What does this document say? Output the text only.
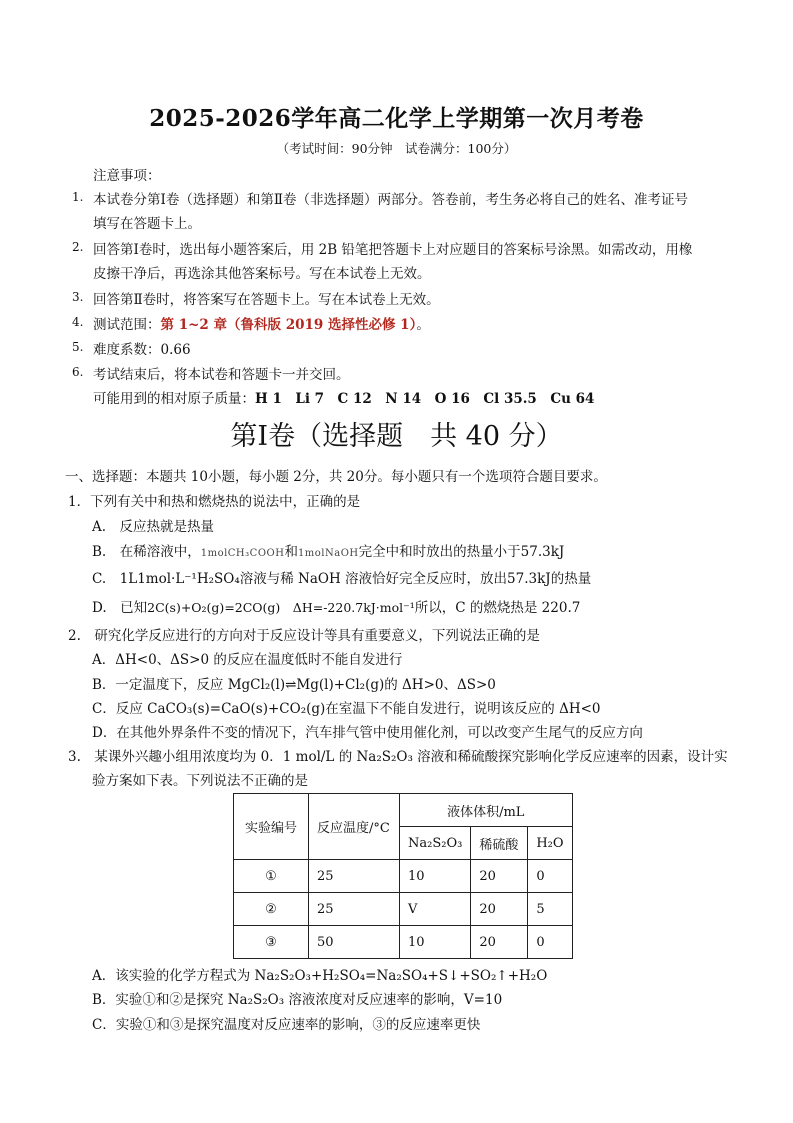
2025-2026学年高二化学上学期第一次月考卷
（考试时间：90分钟　试卷满分：100分）
注意事项：
1. 本试卷分第Ⅰ卷（选择题）和第Ⅱ卷（非选择题）两部分。答卷前，考生务必将自己的姓名、准考证号
填写在答题卡上。
2. 回答第Ⅰ卷时，选出每小题答案后，用 2B 铅笔把答题卡上对应题目的答案标号涂黑。如需改动，用橡
皮擦干净后，再选涂其他答案标号。写在本试卷上无效。
3. 回答第Ⅱ卷时，将答案写在答题卡上。写在本试卷上无效。
4. 测试范围：第 1~2 章（鲁科版 2019 选择性必修 1）。
5. 难度系数：0.66
6. 考试结束后，将本试卷和答题卡一并交回。
可能用到的相对原子质量：H 1　Li 7　C 12　N 14　O 16　Cl 35.5　Cu 64
第Ⅰ卷（选择题　共 40 分）
一、选择题：本题共 10小题，每小题 2分，共 20分。每小题只有一个选项符合题目要求。
1．下列有关中和热和燃烧热的说法中，正确的是
A.　反应热就是热量
B.　在稀溶液中，1molCH₃COOH和1molNaOH完全中和时放出的热量小于57.3kJ
C.　1L1mol·L⁻¹H₂SO₄溶液与稀 NaOH 溶液恰好完全反应时，放出57.3kJ的热量
D.　已知2C(s)+O₂(g)=2CO(g)　ΔH=-220.7kJ·mol⁻¹所以，C 的燃烧热是 220.7
2.　研究化学反应进行的方向对于反应设计等具有重要意义，下列说法正确的是
A．ΔH<0、ΔS>0 的反应在温度低时不能自发进行
B．一定温度下，反应 MgCl₂(l)⇌Mg(l)+Cl₂(g)的 ΔH>0、ΔS>0
C．反应 CaCO₃(s)=CaO(s)+CO₂(g)在室温下不能自发进行，说明该反应的 ΔH<0
D．在其他外界条件不变的情况下，汽车排气管中使用催化剂，可以改变产生尾气的反应方向
3.　某课外兴趣小组用浓度均为 0．1 mol/L 的 Na₂S₂O₃ 溶液和稀硫酸探究影响化学反应速率的因素，设计实
验方案如下表。下列说法不正确的是
实验编号	反应温度/°C	液体体积/mL		
		Na₂S₂O₃	稀硫酸	H₂O
①	25	10	20	0
②	25	V	20	5
③	50	10	20	0
A．该实验的化学方程式为 Na₂S₂O₃+H₂SO₄=Na₂SO₄+S↓+SO₂↑+H₂O
B．实验①和②是探究 Na₂S₂O₃ 溶液浓度对反应速率的影响，V=10
C．实验①和③是探究温度对反应速率的影响，③的反应速率更快
